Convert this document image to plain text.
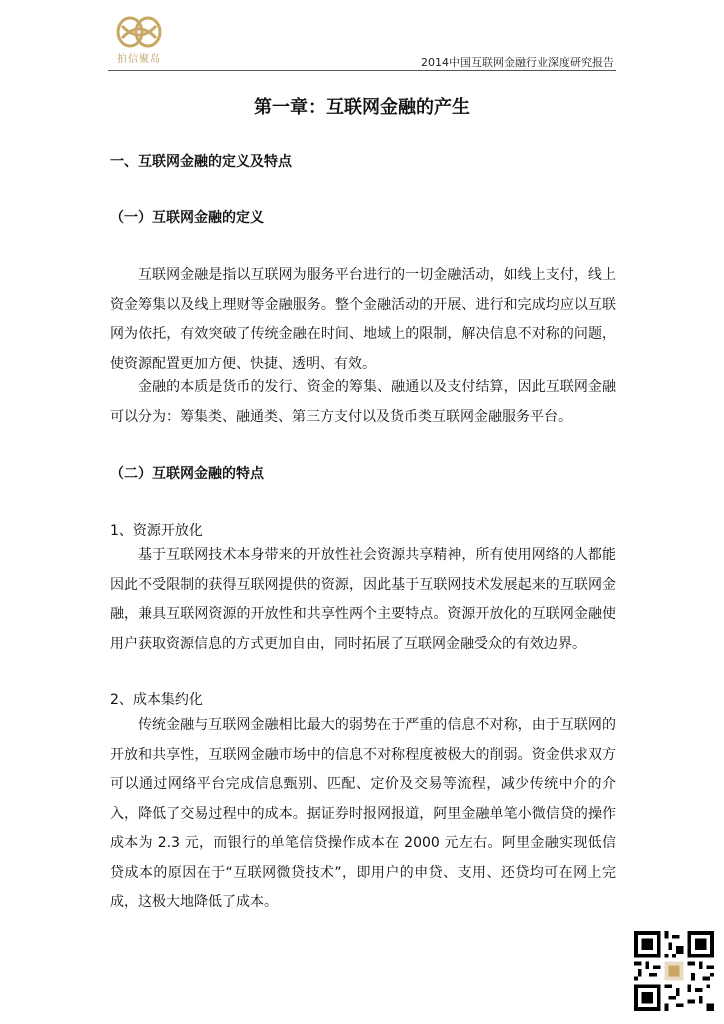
拍信聚岛	2014中国互联网金融行业深度研究报告
第一章：互联网金融的产生
一、互联网金融的定义及特点
（一）互联网金融的定义

互联网金融是指以互联网为服务平台进行的一切金融活动，如线上支付，线上资金筹集以及线上理财等金融服务。整个金融活动的开展、进行和完成均应以互联网为依托，有效突破了传统金融在时间、地域上的限制，解决信息不对称的问题，使资源配置更加方便、快捷、透明、有效。

金融的本质是货币的发行、资金的筹集、融通以及支付结算，因此互联网金融可以分为：筹集类、融通类、第三方支付以及货币类互联网金融服务平台。

（二）互联网金融的特点
1、资源开放化

基于互联网技术本身带来的开放性社会资源共享精神，所有使用网络的人都能因此不受限制的获得互联网提供的资源，因此基于互联网技术发展起来的互联网金融，兼具互联网资源的开放性和共享性两个主要特点。资源开放化的互联网金融使用户获取资源信息的方式更加自由，同时拓展了互联网金融受众的有效边界。

2、成本集约化

传统金融与互联网金融相比最大的弱势在于严重的信息不对称，由于互联网的开放和共享性，互联网金融市场中的信息不对称程度被极大的削弱。资金供求双方可以通过网络平台完成信息甄别、匹配、定价及交易等流程，减少传统中介的介入，降低了交易过程中的成本。据证券时报网报道，阿里金融单笔小微信贷的操作成本为 2.3 元，而银行的单笔信贷操作成本在 2000 元左右。阿里金融实现低信贷成本的原因在于“互联网微贷技术”，即用户的申贷、支用、还贷均可在网上完成，这极大地降低了成本。
